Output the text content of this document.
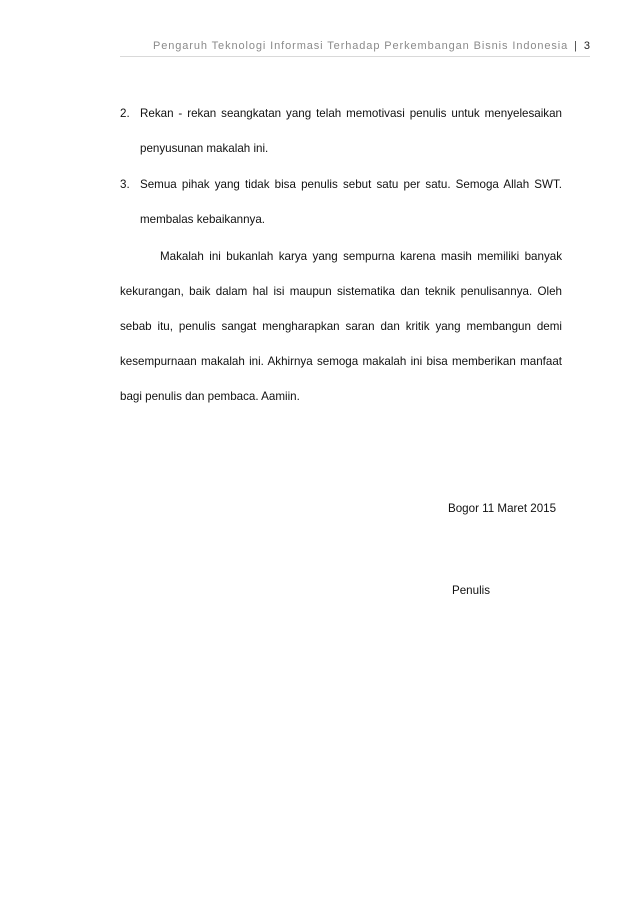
Pengaruh Teknologi Informasi Terhadap Perkembangan Bisnis Indonesia | 3
2. Rekan - rekan seangkatan yang telah memotivasi penulis untuk menyelesaikan penyusunan makalah ini.
3. Semua pihak yang tidak bisa penulis sebut satu per satu. Semoga Allah SWT. membalas kebaikannya.

Makalah ini bukanlah karya yang sempurna karena masih memiliki banyak kekurangan, baik dalam hal isi maupun sistematika dan teknik penulisannya. Oleh sebab itu, penulis sangat mengharapkan saran dan kritik yang membangun demi kesempurnaan makalah ini. Akhirnya semoga makalah ini bisa memberikan manfaat bagi penulis dan pembaca. Aamiin.

Bogor 11 Maret 2015
Penulis
